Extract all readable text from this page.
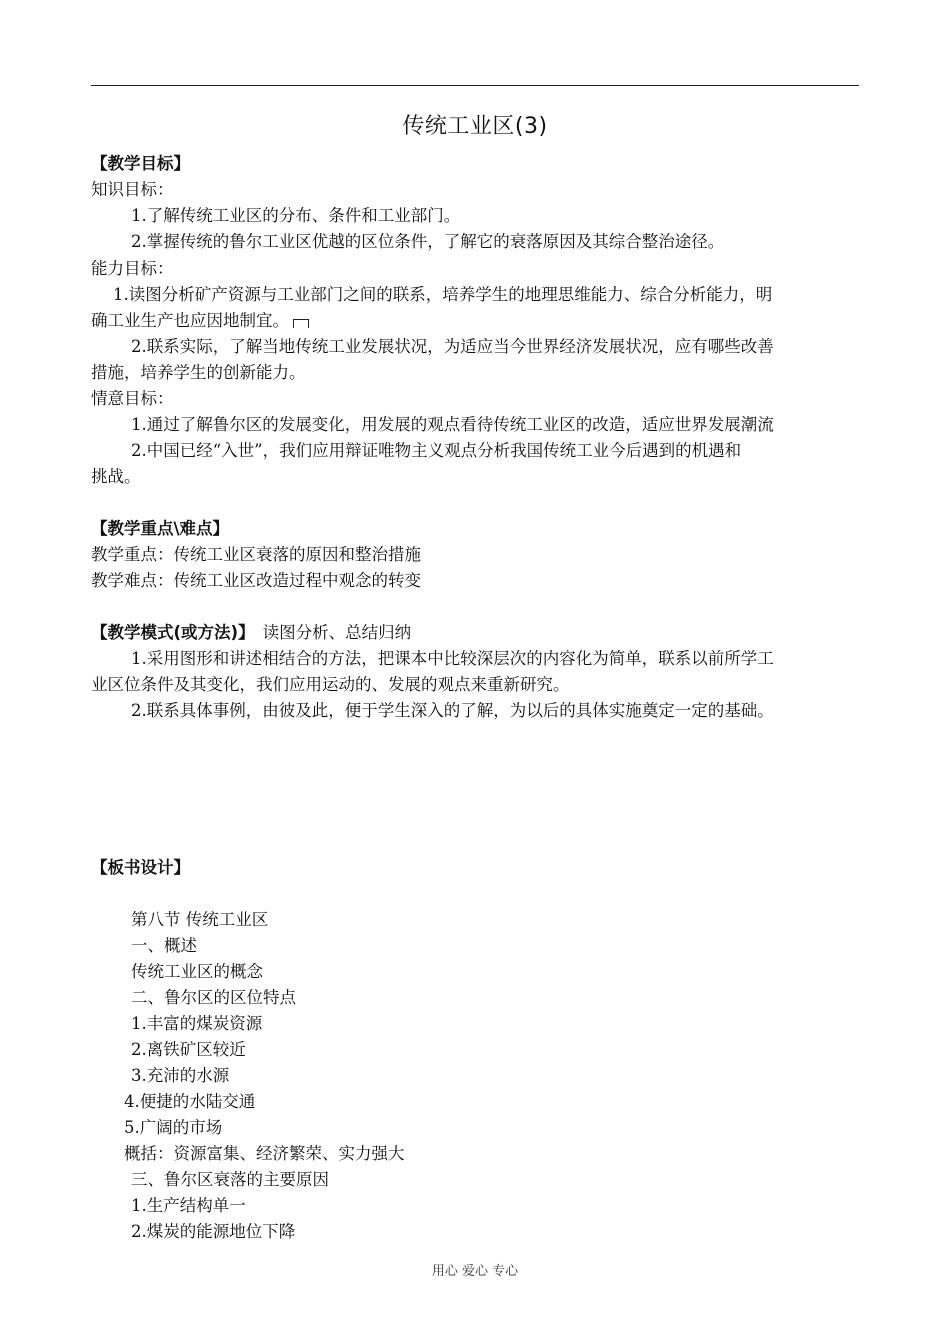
传统工业区(3)
【教学目标】
知识目标：
1.了解传统工业区的分布、条件和工业部门。
2.掌握传统的鲁尔工业区优越的区位条件，了解它的衰落原因及其综合整治途径。
能力目标：
1.读图分析矿产资源与工业部门之间的联系，培养学生的地理思维能力、综合分析能力，明
确工业生产也应因地制宜。
2.联系实际，了解当地传统工业发展状况，为适应当今世界经济发展状况，应有哪些改善
措施，培养学生的创新能力。
情意目标：
1.通过了解鲁尔区的发展变化，用发展的观点看待传统工业区的改造，适应世界发展潮流
2.中国已经“入世”，我们应用辩证唯物主义观点分析我国传统工业今后遇到的机遇和
挑战。
【教学重点\难点】
教学重点：传统工业区衰落的原因和整治措施
教学难点：传统工业区改造过程中观念的转变
【教学模式(或方法)】 读图分析、总结归纳
1.采用图形和讲述相结合的方法，把课本中比较深层次的内容化为简单，联系以前所学工
业区位条件及其变化，我们应用运动的、发展的观点来重新研究。
2.联系具体事例，由彼及此，便于学生深入的了解，为以后的具体实施奠定一定的基础。
【板书设计】
第八节 传统工业区
一、概述
传统工业区的概念
二、鲁尔区的区位特点
1.丰富的煤炭资源
2.离铁矿区较近
3.充沛的水源
4.便捷的水陆交通
5.广阔的市场
概括：资源富集、经济繁荣、实力强大
三、鲁尔区衰落的主要原因
1.生产结构单一
2.煤炭的能源地位下降
用心 爱心 专心
